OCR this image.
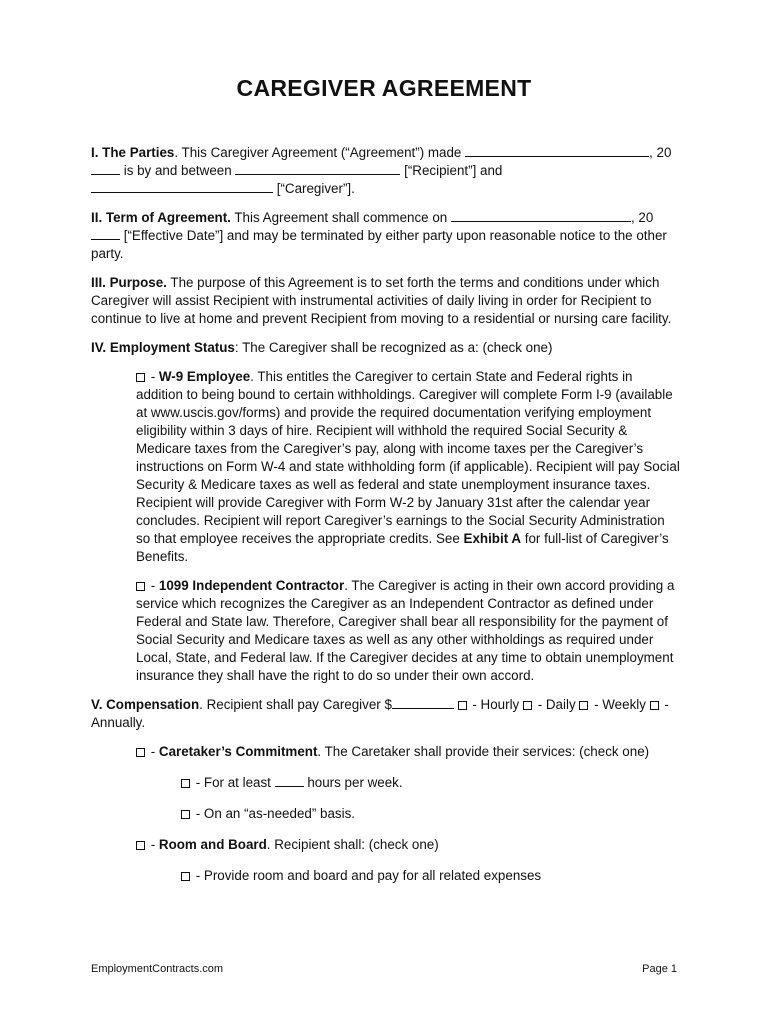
CAREGIVER AGREEMENT

I. The Parties. This Caregiver Agreement (“Agreement”) made	, 20 is by and between	[“Recipient”] and  [“Caregiver”].

II. Term of Agreement. This Agreement shall commence on	, 20 [“Effective Date”] and may be terminated by either party upon reasonable notice to the other party.

III. Purpose. The purpose of this Agreement is to set forth the terms and conditions under which Caregiver will assist Recipient with instrumental activities of daily living in order for Recipient to continue to live at home and prevent Recipient from moving to a residential or nursing care facility.

IV. Employment Status: The Caregiver shall be recognized as a: (check one)

- W-9 Employee. This entitles the Caregiver to certain State and Federal rights in addition to being bound to certain withholdings. Caregiver will complete Form I-9 (available at www.uscis.gov/forms) and provide the required documentation verifying employment eligibility within 3 days of hire. Recipient will withhold the required Social Security & Medicare taxes from the Caregiver’s pay, along with income taxes per the Caregiver’s instructions on Form W-4 and state withholding form (if applicable). Recipient will pay Social Security & Medicare taxes as well as federal and state unemployment insurance taxes. Recipient will provide Caregiver with Form W-2 by January 31st after the calendar year concludes. Recipient will report Caregiver’s earnings to the Social Security Administration so that employee receives the appropriate credits. See Exhibit A for full-list of Caregiver’s Benefits.

- 1099 Independent Contractor. The Caregiver is acting in their own accord providing a service which recognizes the Caregiver as an Independent Contractor as defined under Federal and State law. Therefore, Caregiver shall bear all responsibility for the payment of Social Security and Medicare taxes as well as any other withholdings as required under Local, State, and Federal law. If the Caregiver decides at any time to obtain unemployment insurance they shall have the right to do so under their own accord.

V. Compensation. Recipient shall pay Caregiver $	- Hourly  - Daily  - Weekly  - Annually.

- Caretaker’s Commitment. The Caretaker shall provide their services: (check one)

- For at least  hours per week.

- On an “as-needed” basis.

- Room and Board. Recipient shall: (check one)

- Provide room and board and pay for all related expenses

EmploymentContracts.com	Page 1
